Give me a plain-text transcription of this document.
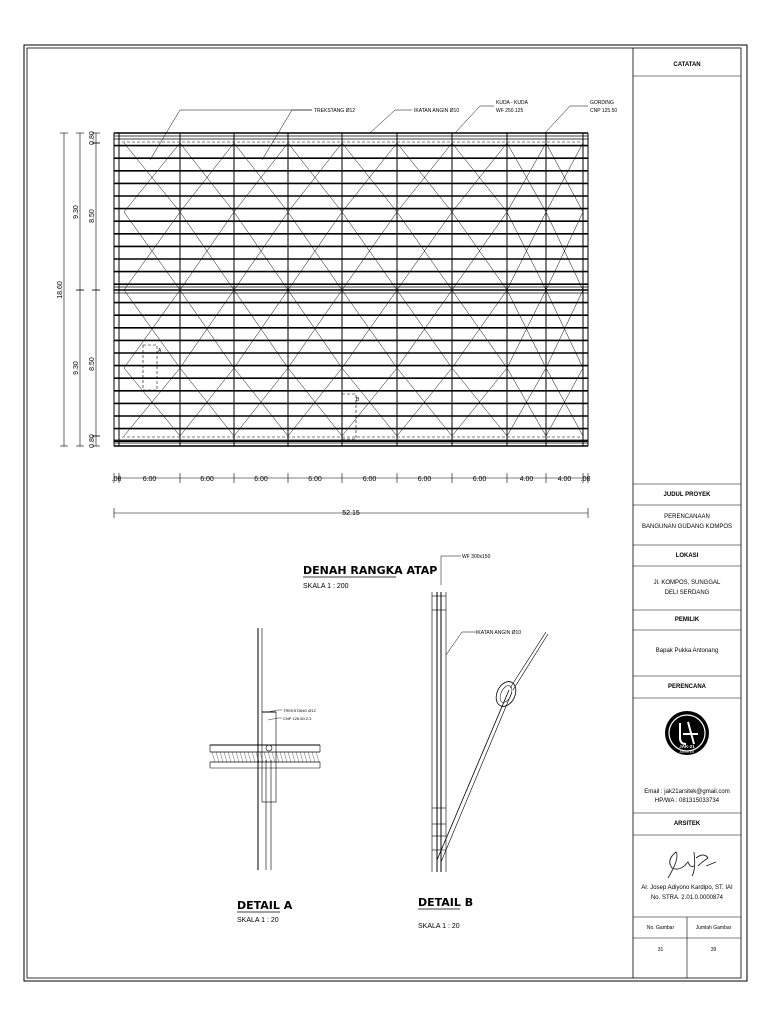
A
B
.08	6.00	6.00	6.00	6.00	6.00	6.00	6.00	4.00	4.00 .08
52.15
18.60
9.30
9.30
8.50
8.50
0.80
0.80
TREKSTANG Ø12	IKATAN ANGIN Ø10
KUDA - KUDA
WF 250.125
GORDING
CNP 125.50
DENAH RANGKA ATAP
SKALA 1 : 200
TREKSTANG Ø12
CNP 125.50.2.3
DETAIL A
SKALA 1 : 20
WF 300x150
IKATAN ANGIN Ø10
DETAIL B
SKALA 1 : 20
JAK-21
ARSITEK
CATATAN
JUDUL PROYEK
PERENCANAAN
BANGUNAN GUDANG KOMPOS
LOKASI
Jl. KOMPOS, SUNGGAL
DELI SERDANG
PEMILIK
Bapak Pukka Antonang
PERENCANA
Email : jak21arsitek@gmail.com
HP/WA : 081315033734
ARSITEK
Ar. Josep Adiyono Kardipo, ST. IAI
No. STRA. 2.01.0.0000874
No. Gambar	Jumlah Gambar
31	39
